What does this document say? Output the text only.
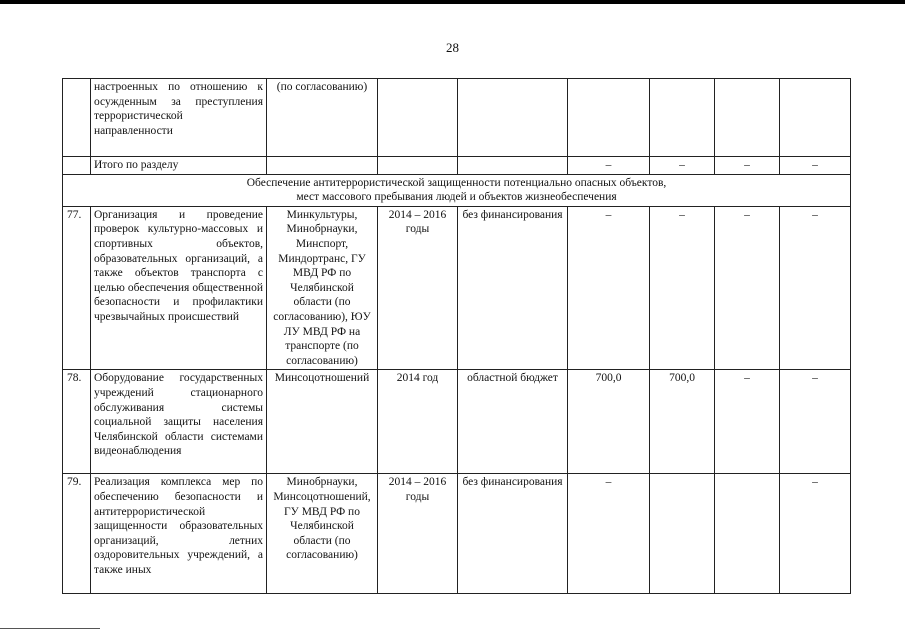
28
	настроенных по отношению к осужденным за преступления террористической направленности	(по согласованию)						
	Итого по разделу				–	–	–	–

Обеспечение антитеррористической защищенности потенциально опасных объектов,
мест массового пребывания людей и объектов жизнеобеспечения								

77.	Организация и проведение проверок культурно-массовых и спортивных объектов, образовательных организаций, а также объектов транспорта с целью обеспечения общественной безопасности и профилактики чрезвычайных происшествий	Минкультуры, Минобрнауки, Минспорт, Миндортранс, ГУ МВД РФ по Челябинской области (по согласованию), ЮУ ЛУ МВД РФ на транспорте (по согласованию)	2014 – 2016 годы	без финансирования	–	–	–	–
78.	Оборудование государственных учреждений стационарного обслуживания системы социальной защиты населения Челябинской области системами видеонаблюдения	Минсоцотношений	2014 год	областной бюджет	700,0	700,0	–	–
79.	Реализация комплекса мер по обеспечению безопасности и антитеррористической защищенности образовательных организаций, летних оздоровительных учреждений, а также иных	Минобрнауки, Минсоцотношений, ГУ МВД РФ по Челябинской области (по согласованию)	2014 – 2016 годы	без финансирования	–			–
